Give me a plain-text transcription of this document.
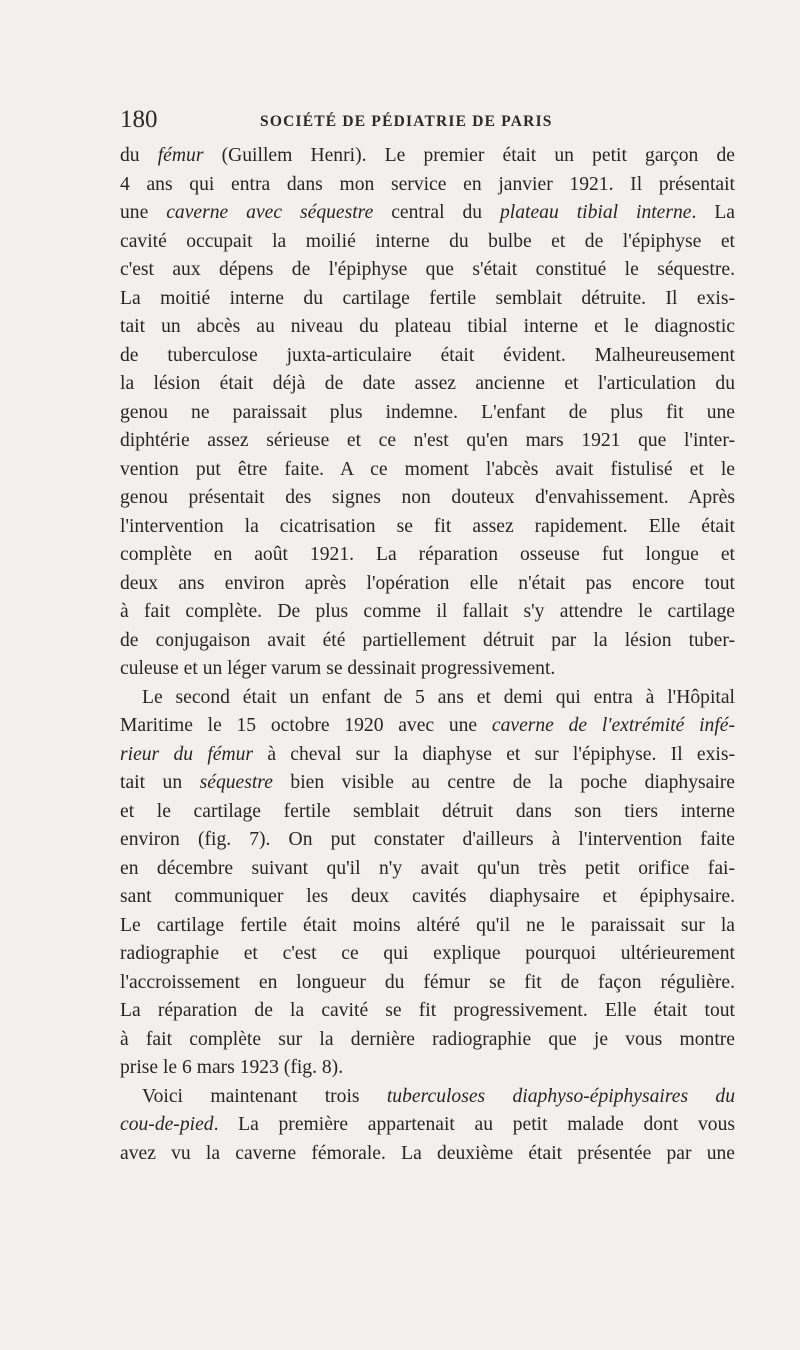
180	SOCIÉTÉ DE PÉDIATRIE DE PARIS
du fémur (Guillem Henri). Le premier était un petit garçon de
4 ans qui entra dans mon service en janvier 1921. Il présentait
une caverne avec séquestre central du plateau tibial interne. La
cavité occupait la moilié interne du bulbe et de l'épiphyse et
c'est aux dépens de l'épiphyse que s'était constitué le séquestre.
La moitié interne du cartilage fertile semblait détruite. Il exis-
tait un abcès au niveau du plateau tibial interne et le diagnostic
de tuberculose juxta-articulaire était évident. Malheureusement
la lésion était déjà de date assez ancienne et l'articulation du
genou ne paraissait plus indemne. L'enfant de plus fit une
diphtérie assez sérieuse et ce n'est qu'en mars 1921 que l'inter-
vention put être faite. A ce moment l'abcès avait fistulisé et le
genou présentait des signes non douteux d'envahissement. Après
l'intervention la cicatrisation se fit assez rapidement. Elle était
complète en août 1921. La réparation osseuse fut longue et
deux ans environ après l'opération elle n'était pas encore tout
à fait complète. De plus comme il fallait s'y attendre le cartilage
de conjugaison avait été partiellement détruit par la lésion tuber-
culeuse et un léger varum se dessinait progressivement.
Le second était un enfant de 5 ans et demi qui entra à l'Hôpital
Maritime le 15 octobre 1920 avec une caverne de l'extrémité infé-
rieur du fémur à cheval sur la diaphyse et sur l'épiphyse. Il exis-
tait un séquestre bien visible au centre de la poche diaphysaire
et le cartilage fertile semblait détruit dans son tiers interne
environ (fig. 7). On put constater d'ailleurs à l'intervention faite
en décembre suivant qu'il n'y avait qu'un très petit orifice fai-
sant communiquer les deux cavités diaphysaire et épiphysaire.
Le cartilage fertile était moins altéré qu'il ne le paraissait sur la
radiographie et c'est ce qui explique pourquoi ultérieurement
l'accroissement en longueur du fémur se fit de façon régulière.
La réparation de la cavité se fit progressivement. Elle était tout
à fait complète sur la dernière radiographie que je vous montre
prise le 6 mars 1923 (fig. 8).
Voici maintenant trois tuberculoses diaphyso-épiphysaires du
cou-de-pied. La première appartenait au petit malade dont vous
avez vu la caverne fémorale. La deuxième était présentée par une
